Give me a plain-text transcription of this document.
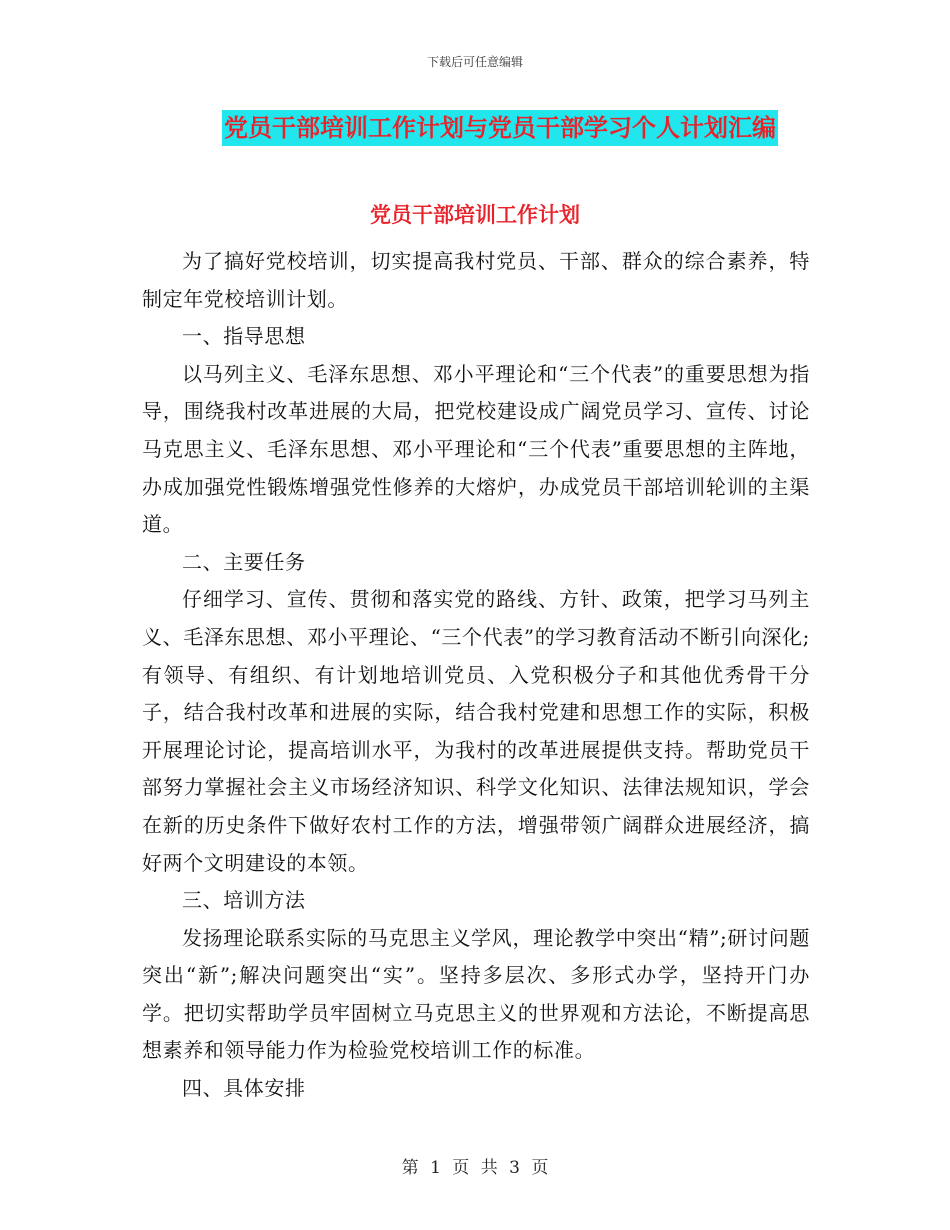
下载后可任意编辑
党员干部培训工作计划与党员干部学习个人计划汇编
党员干部培训工作计划

为了搞好党校培训，切实提高我村党员、干部、群众的综合素养，特制定年党校培训计划。

一、指导思想

以马列主义、毛泽东思想、邓小平理论和“三个代表”的重要思想为指导，围绕我村改革进展的大局，把党校建设成广阔党员学习、宣传、讨论马克思主义、毛泽东思想、邓小平理论和“三个代表”重要思想的主阵地，办成加强党性锻炼增强党性修养的大熔炉，办成党员干部培训轮训的主渠道。

二、主要任务

仔细学习、宣传、贯彻和落实党的路线、方针、政策，把学习马列主义、毛泽东思想、邓小平理论、“三个代表”的学习教育活动不断引向深化;有领导、有组织、有计划地培训党员、入党积极分子和其他优秀骨干分子，结合我村改革和进展的实际，结合我村党建和思想工作的实际，积极开展理论讨论，提高培训水平，为我村的改革进展提供支持。帮助党员干部努力掌握社会主义市场经济知识、科学文化知识、法律法规知识，学会在新的历史条件下做好农村工作的方法，增强带领广阔群众进展经济，搞好两个文明建设的本领。

三、培训方法

发扬理论联系实际的马克思主义学风，理论教学中突出“精”;研讨问题突出“新”;解决问题突出“实”。坚持多层次、多形式办学，坚持开门办学。把切实帮助学员牢固树立马克思主义的世界观和方法论，不断提高思想素养和领导能力作为检验党校培训工作的标准。

四、具体安排

第 1 页 共 3 页
